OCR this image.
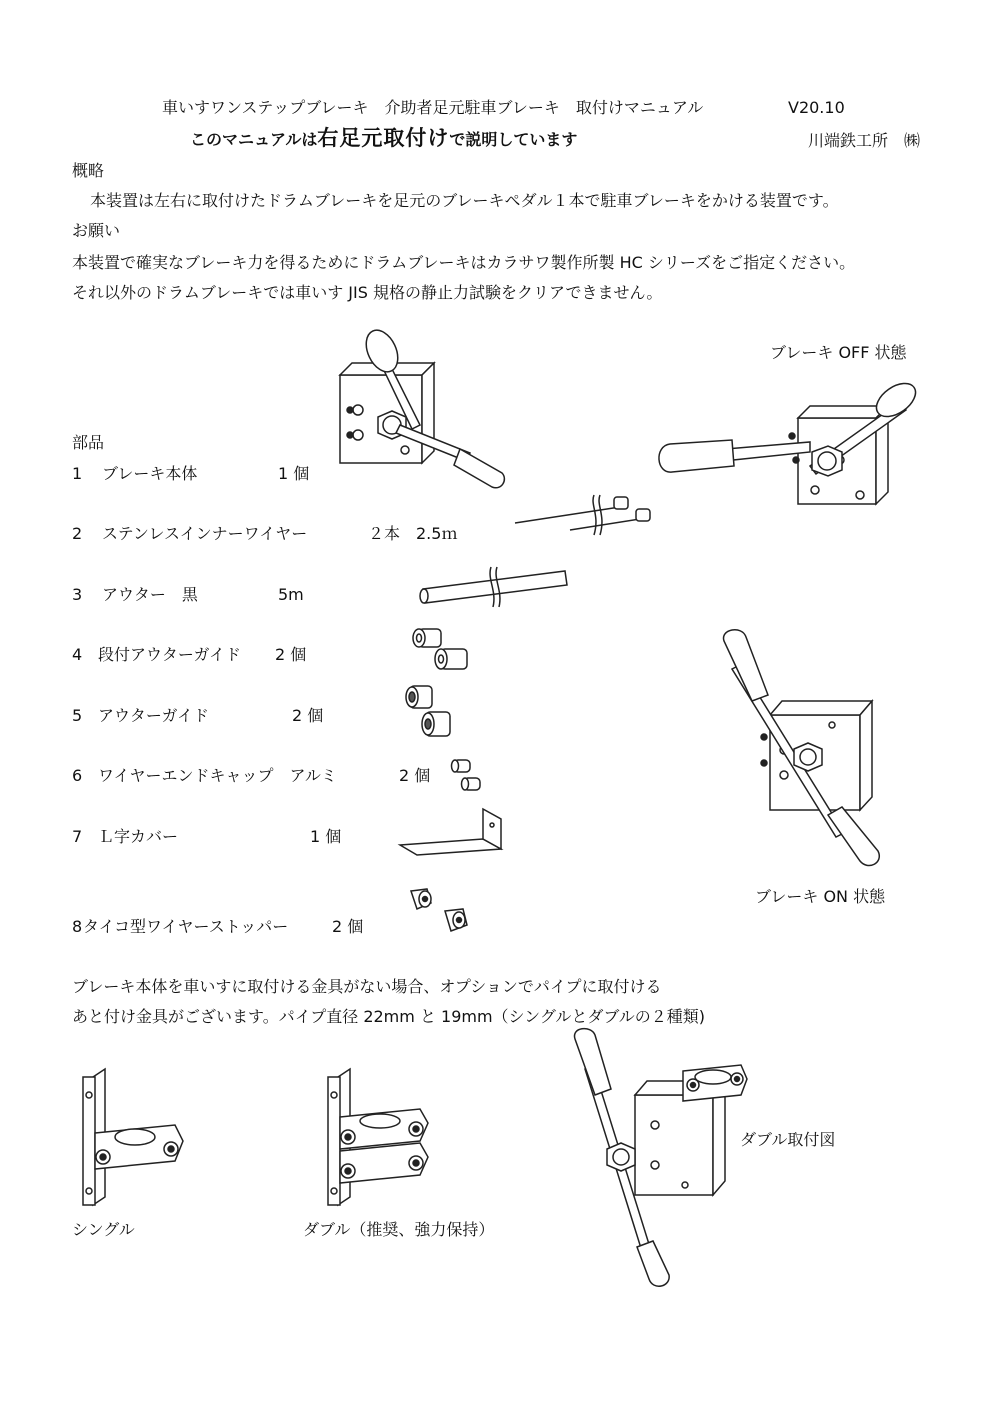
車いすワンステップブレーキ　介助者足元駐車ブレーキ　取付けマニュアル	V20.10
このマニュアルは右足元取付けで説明しています	川端鉄工所　㈱
概略
本装置は左右に取付けたドラムブレーキを足元のブレーキペダル１本で駐車ブレーキをかける装置です。
お願い
本装置で確実なブレーキ力を得るためにドラムブレーキはカラサワ製作所製 HC シリーズをご指定ください。
それ以外のドラムブレーキでは車いす JIS 規格の静止力試験をクリアできません。
部品
1 ブレーキ本体	1 個
2 ステンレスインナーワイヤー	２本　2.5ｍ
3 アウター　黒	5m
4 段付アウターガイド 2 個
5 アウターガイド	2 個
6 ワイヤーエンドキャップ　アルミ	2 個
7 Ｌ字カバー	1 個
8 タイコ型ワイヤーストッパー	2 個
ブレーキ OFF 状態
ブレーキ ON 状態
ブレーキ本体を車いすに取付ける金具がない場合、オプションでパイプに取付ける
あと付け金具がございます。パイプ直径 22mm と 19mm（シングルとダブルの２種類)
ダブル取付図
シングル	ダブル（推奨、強力保持）
